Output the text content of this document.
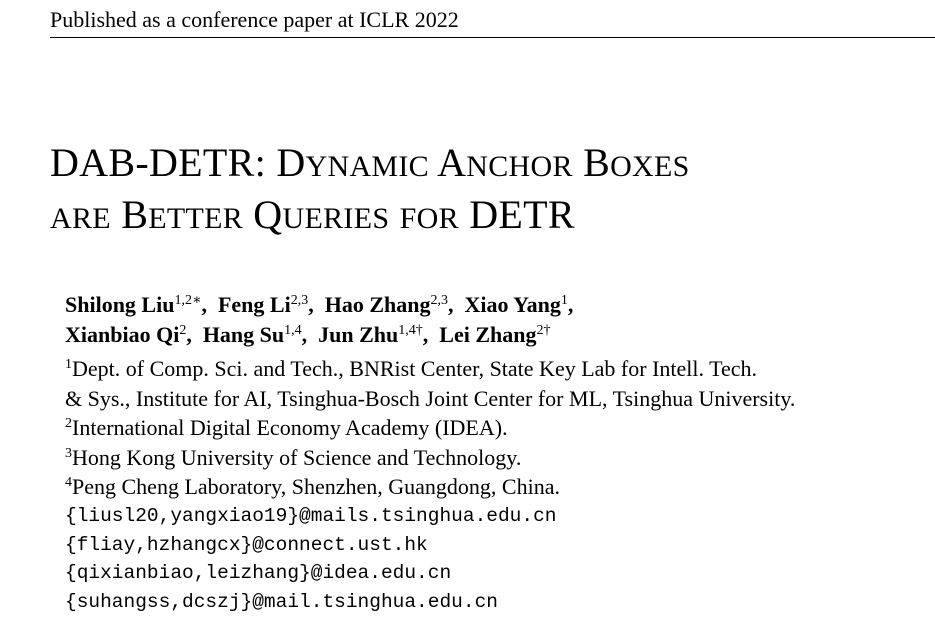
Published as a conference paper at ICLR 2022
DAB-DETR: DYNAMIC ANCHOR BOXES
ARE BETTER QUERIES FOR DETR
Shilong Liu$^{1,2∗}$,  Feng Li$^{2,3}$,  Hao Zhang$^{2,3}$,  Xiao Yang$^1$,
Xianbiao Qi$^2$,  Hang Su$^{1,4}$,  Jun Zhu$^{1,4\dagger}$,  Lei Zhang$^{2\dagger}$
$^1$Dept. of Comp. Sci. and Tech., BNRist Center, State Key Lab for Intell. Tech.
& Sys., Institute for AI, Tsinghua-Bosch Joint Center for ML, Tsinghua University.
$^2$International Digital Economy Academy (IDEA).
$^3$Hong Kong University of Science and Technology.
$^4$Peng Cheng Laboratory, Shenzhen, Guangdong, China.
{liusl20,yangxiao19}@mails.tsinghua.edu.cn
{fliay,hzhangcx}@connect.ust.hk
{qixianbiao,leizhang}@idea.edu.cn
{suhangss,dcszj}@mail.tsinghua.edu.cn
